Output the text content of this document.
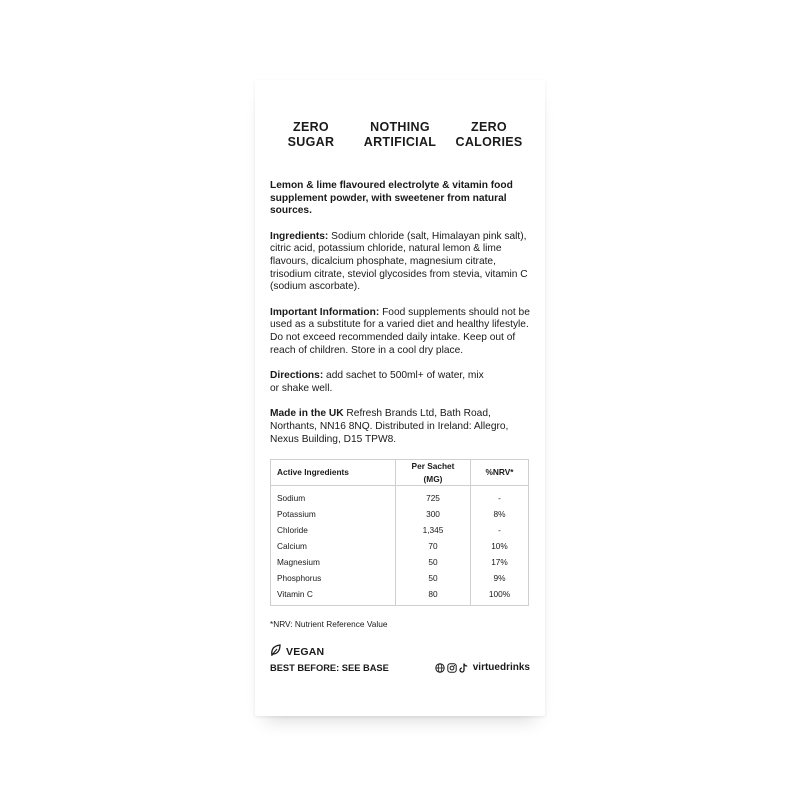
ZERO
SUGAR
NOTHING
ARTIFICIAL
ZERO
CALORIES

Lemon & lime flavoured electrolyte & vitamin food supplement powder, with sweetener from natural sources.

Ingredients: Sodium chloride (salt, Himalayan pink salt), citric acid, potassium chloride, natural lemon & lime flavours, dicalcium phosphate, magnesium citrate, trisodium citrate, steviol glycosides from stevia, vitamin C (sodium ascorbate).

Important Information: Food supplements should not be used as a substitute for a varied diet and healthy lifestyle. Do not exceed recommended daily intake. Keep out of reach of children. Store in a cool dry place.

Directions: add sachet to 500ml+ of water, mix or shake well.

Made in the UK Refresh Brands Ltd, Bath Road, Northants, NN16 8NQ. Distributed in Ireland: Allegro, Nexus Building, D15 TPW8.

Active Ingredients	Per Sachet (MG)	%NRV*

Sodium	725	-
Potassium	300	8%
Chloride	1,345	-
Calcium	70	10%
Magnesium	50	17%
Phosphorus	50	9%
Vitamin C	80	100%
*NRV: Nutrient Reference Value
VEGAN
BEST BEFORE: SEE BASE	virtuedrinks
